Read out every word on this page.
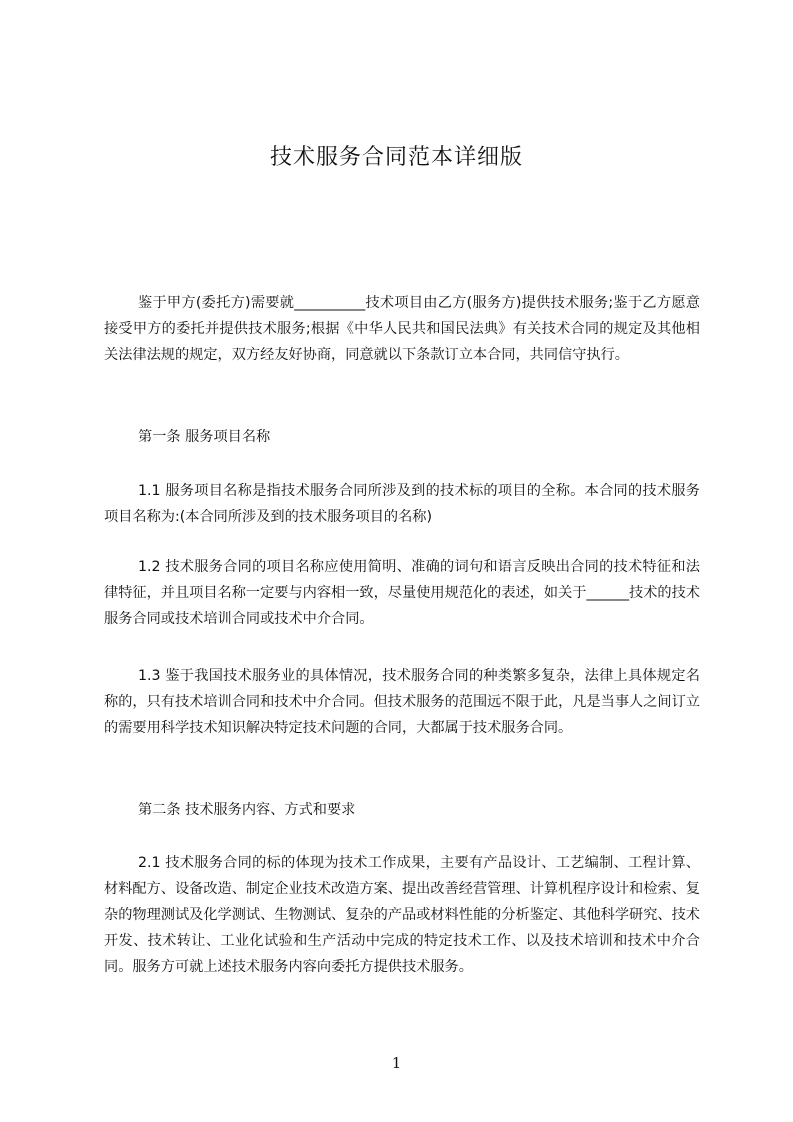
技术服务合同范本详细版

鉴于甲方(委托方)需要就__________技术项目由乙方(服务方)提供技术服务;鉴于乙方愿意接受甲方的委托并提供技术服务;根据《中华人民共和国民法典》有关技术合同的规定及其他相关法律法规的规定，双方经友好协商，同意就以下条款订立本合同，共同信守执行。

第一条 服务项目名称

1.1 服务项目名称是指技术服务合同所涉及到的技术标的项目的全称。本合同的技术服务项目名称为:(本合同所涉及到的技术服务项目的名称)

1.2 技术服务合同的项目名称应使用简明、准确的词句和语言反映出合同的技术特征和法律特征，并且项目名称一定要与内容相一致，尽量使用规范化的表述，如关于______技术的技术服务合同或技术培训合同或技术中介合同。

1.3 鉴于我国技术服务业的具体情况，技术服务合同的种类繁多复杂，法律上具体规定名称的，只有技术培训合同和技术中介合同。但技术服务的范围远不限于此，凡是当事人之间订立的需要用科学技术知识解决特定技术问题的合同，大都属于技术服务合同。

第二条 技术服务内容、方式和要求

2.1 技术服务合同的标的体现为技术工作成果，主要有产品设计、工艺编制、工程计算、材料配方、设备改造、制定企业技术改造方案、提出改善经营管理、计算机程序设计和检索、复杂的物理测试及化学测试、生物测试、复杂的产品或材料性能的分析鉴定、其他科学研究、技术开发、技术转让、工业化试验和生产活动中完成的特定技术工作、以及技术培训和技术中介合同。服务方可就上述技术服务内容向委托方提供技术服务。

1
